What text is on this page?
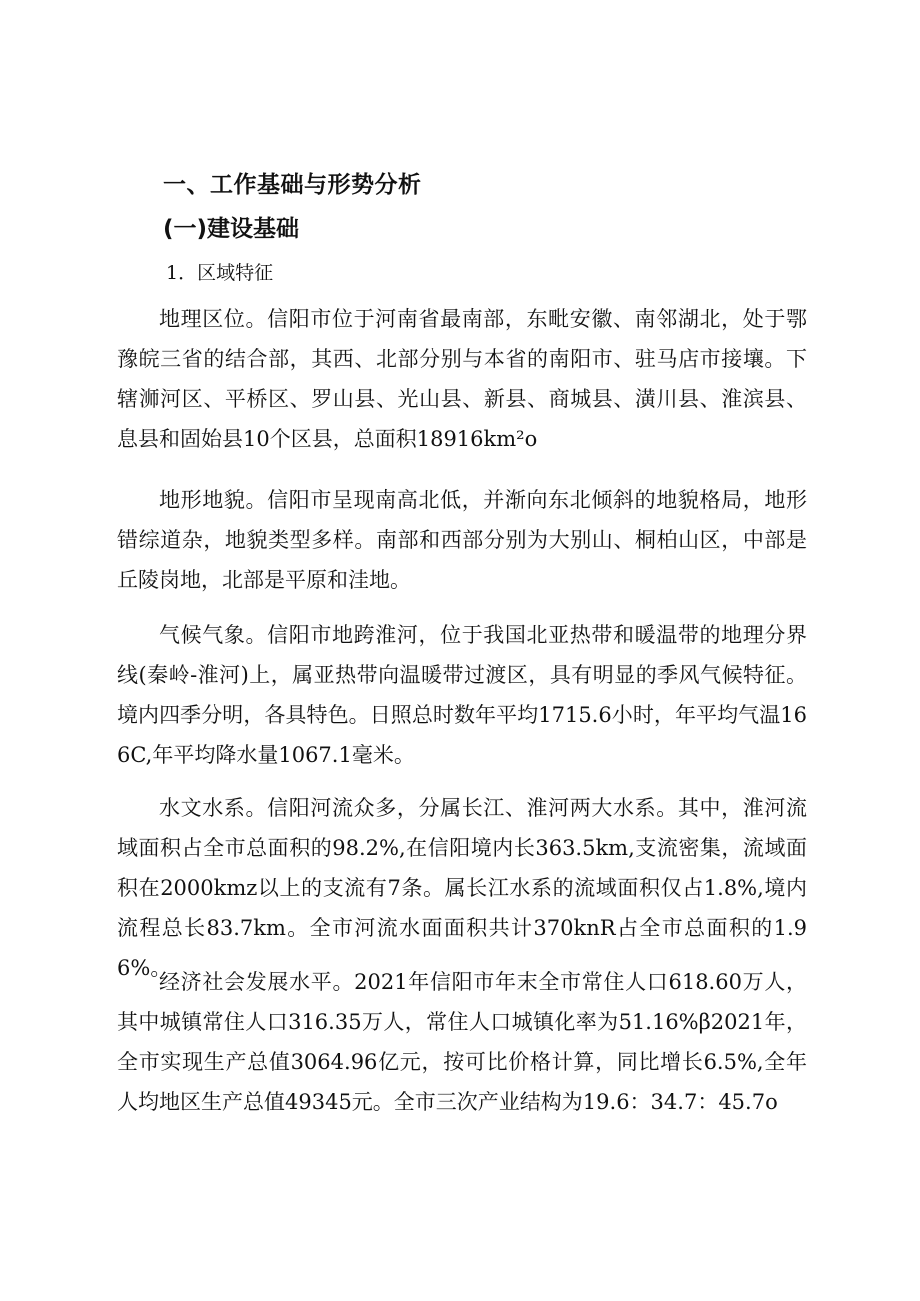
一、工作基础与形势分析
(一)建设基础
1．区域特征

地理区位。信阳市位于河南省最南部，东毗安徽、南邻湖北，处于鄂豫皖三省的结合部，其西、北部分别与本省的南阳市、驻马店市接壤。下辖浉河区、平桥区、罗山县、光山县、新县、商城县、潢川县、淮滨县、息县和固始县10个区县，总面积18916km²o

地形地貌。信阳市呈现南高北低，并渐向东北倾斜的地貌格局，地形错综道杂，地貌类型多样。南部和西部分别为大别山、桐柏山区，中部是丘陵岗地，北部是平原和洼地。

气候气象。信阳市地跨淮河，位于我国北亚热带和暖温带的地理分界线(秦岭-淮河)上，属亚热带向温暖带过渡区，具有明显的季风气候特征。境内四季分明，各具特色。日照总时数年平均1715.6小时，年平均气温166C,年平均降水量1067.1毫米。

水文水系。信阳河流众多，分属长江、淮河两大水系。其中，淮河流域面积占全市总面积的98.2%,在信阳境内长363.5km,支流密集，流域面积在2000kmz以上的支流有7条。属长江水系的流域面积仅占1.8%,境内流程总长83.7km。全市河流水面面积共计370knR占全市总面积的1.96%。

经济社会发展水平。2021年信阳市年末全市常住人口618.60万人，其中城镇常住人口316.35万人，常住人口城镇化率为51.16%β2021年，全市实现生产总值3064.96亿元，按可比价格计算，同比增长6.5%,全年人均地区生产总值49345元。全市三次产业结构为19.6：34.7：45.7o
